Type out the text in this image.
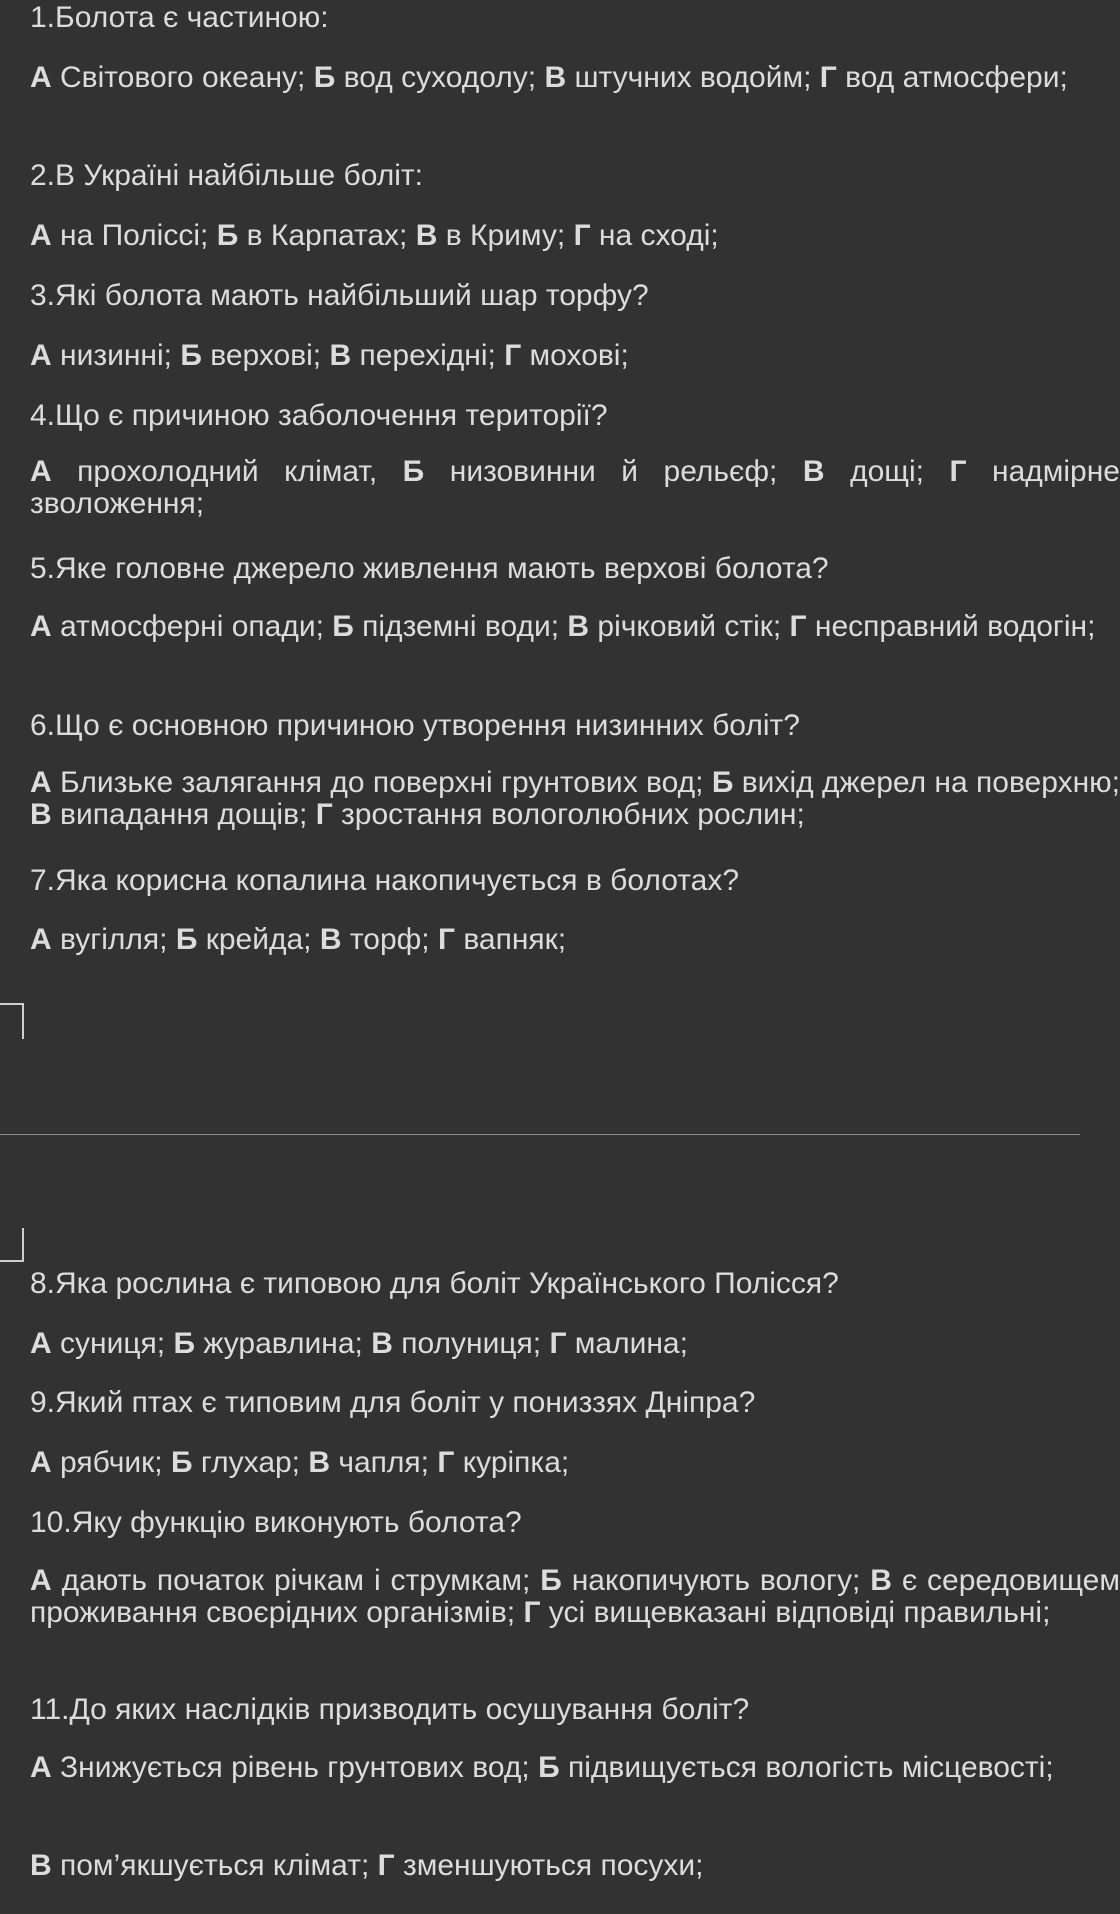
1.Болота є частиною:
А Світового океану; Б вод суходолу; В штучних водойм; Г вод атмосфери;
2.В Україні найбільше боліт:
А на Поліссі; Б в Карпатах; В в Криму; Г на сході;
3.Які болота мають найбільший шар торфу?
А низинні; Б верхові; В перехідні; Г мохові;
4.Що є причиною заболочення території?
А прохолодний клімат, Б низовинни й рельєф; В дощі; Г надмірне зволоження;
5.Яке головне джерело живлення мають верхові болота?
А атмосферні опади; Б підземні води; В річковий стік; Г несправний водогін;
6.Що є основною причиною утворення низинних боліт?
А Близьке залягання до поверхні грунтових вод; Б вихід джерел на поверхню; В випадання дощів; Г зростання вологолюбних рослин;
7.Яка корисна копалина накопичується в болотах?
А вугілля; Б крейда; В торф; Г вапняк;
8.Яка рослина є типовою для боліт Українського Полісся?
А суниця; Б журавлина; В полуниця; Г малина;
9.Який птах є типовим для боліт у пониззях Дніпра?
А рябчик; Б глухар; В чапля; Г куріпка;
10.Яку функцію виконують болота?
А дають початок річкам і струмкам; Б накопичують вологу; В є середовищем проживання своєрідних організмів; Г усі вищевказані відповіді правильні;
11.До яких наслідків призводить осушування боліт?
А Знижується рівень грунтових вод; Б підвищується вологість місцевості;
В пом’якшується клімат; Г зменшуються посухи;
